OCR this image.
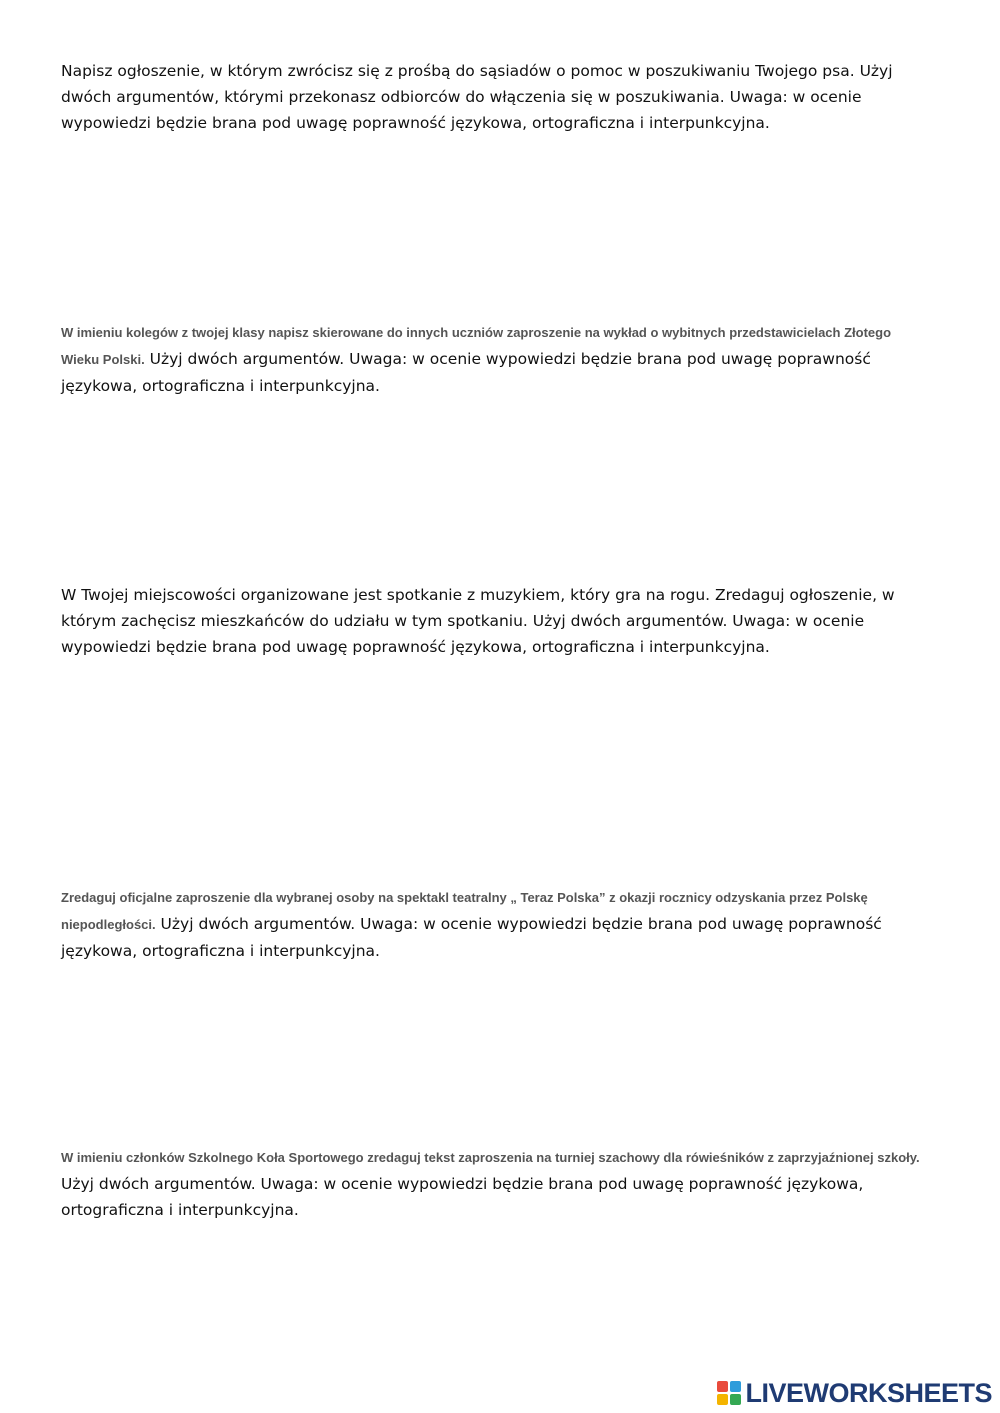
Napisz ogłoszenie, w którym zwrócisz się z prośbą do sąsiadów o pomoc w poszukiwaniu Twojego psa. Użyj dwóch argumentów, którymi przekonasz odbiorców do włączenia się w poszukiwania. Uwaga: w ocenie wypowiedzi będzie brana pod uwagę poprawność językowa, ortograficzna i interpunkcyjna.

W imieniu kolegów z twojej klasy napisz skierowane do innych uczniów zaproszenie na wykład o wybitnych przedstawicielach Złotego Wieku Polski. Użyj dwóch argumentów. Uwaga: w ocenie wypowiedzi będzie brana pod uwagę poprawność językowa, ortograficzna i interpunkcyjna.

W Twojej miejscowości organizowane jest spotkanie z muzykiem, który gra na rogu. Zredaguj ogłoszenie, w którym zachęcisz mieszkańców do udziału w tym spotkaniu. Użyj dwóch argumentów. Uwaga: w ocenie wypowiedzi będzie brana pod uwagę poprawność językowa, ortograficzna i interpunkcyjna.

Zredaguj oficjalne zaproszenie dla wybranej osoby na spektakl teatralny „ Teraz Polska” z okazji rocznicy odzyskania przez Polskę niepodległości. Użyj dwóch argumentów. Uwaga: w ocenie wypowiedzi będzie brana pod uwagę poprawność językowa, ortograficzna i interpunkcyjna.

W imieniu członków Szkolnego Koła Sportowego zredaguj tekst zaproszenia na turniej szachowy dla rówieśników z zaprzyjaźnionej szkoły. Użyj dwóch argumentów. Uwaga: w ocenie wypowiedzi będzie brana pod uwagę poprawność językowa, ortograficzna i interpunkcyjna.

LIVEWORKSHEETS
